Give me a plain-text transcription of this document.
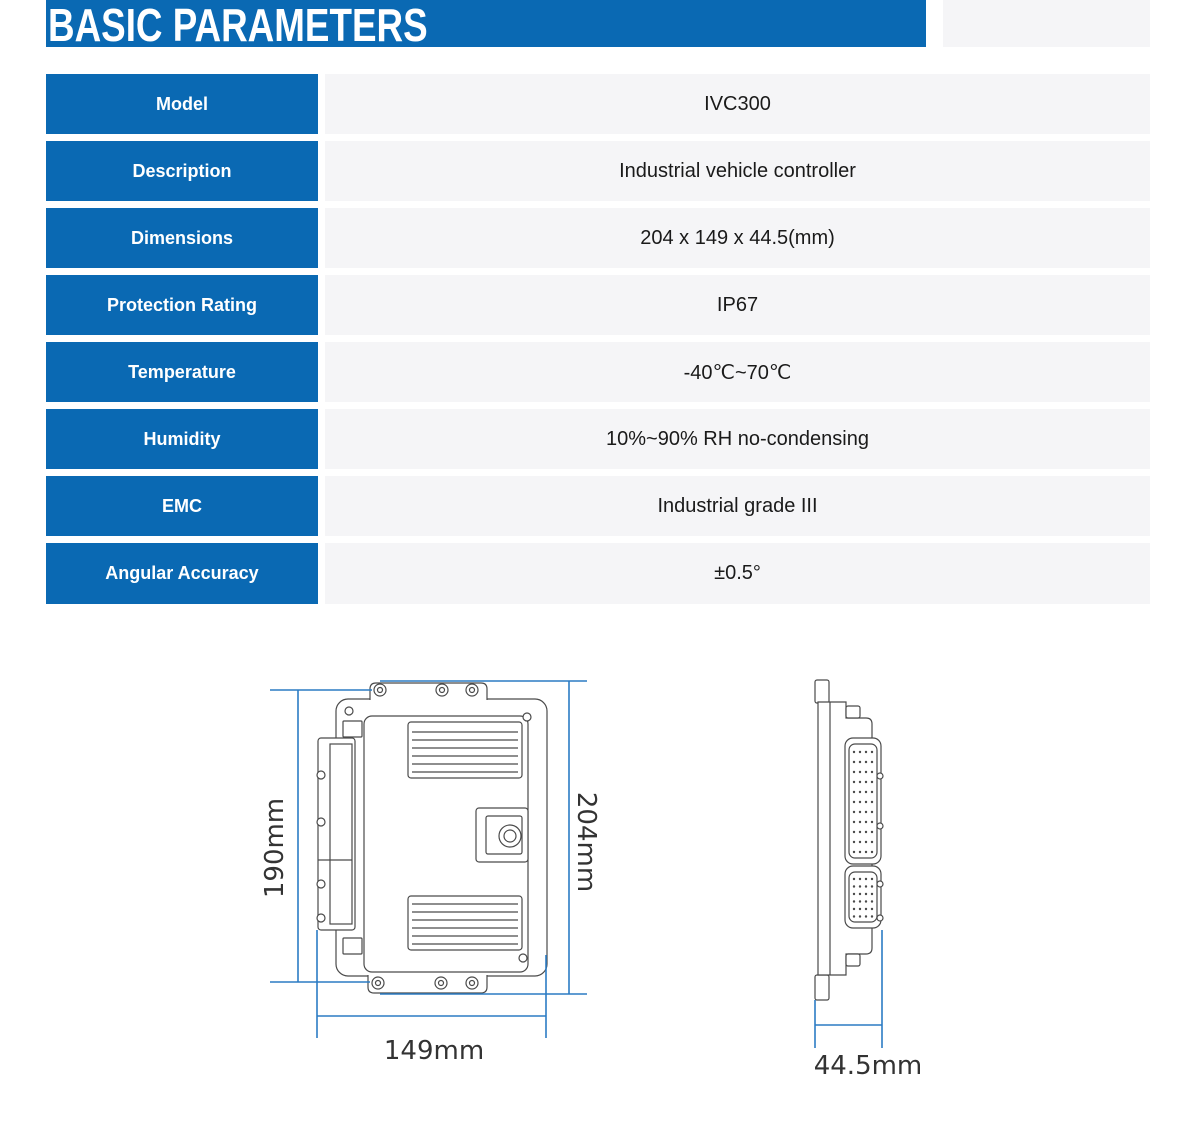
BASIC PARAMETERS
Model	IVC300
Description	Industrial vehicle controller
Dimensions	204 x 149 x 44.5(mm)
Protection Rating	IP67
Temperature	-40℃~70℃
Humidity	10%~90% RH no-condensing
EMC	Industrial grade III
Angular Accuracy	±0.5°
190mm	204mm
149mm	44.5mm
